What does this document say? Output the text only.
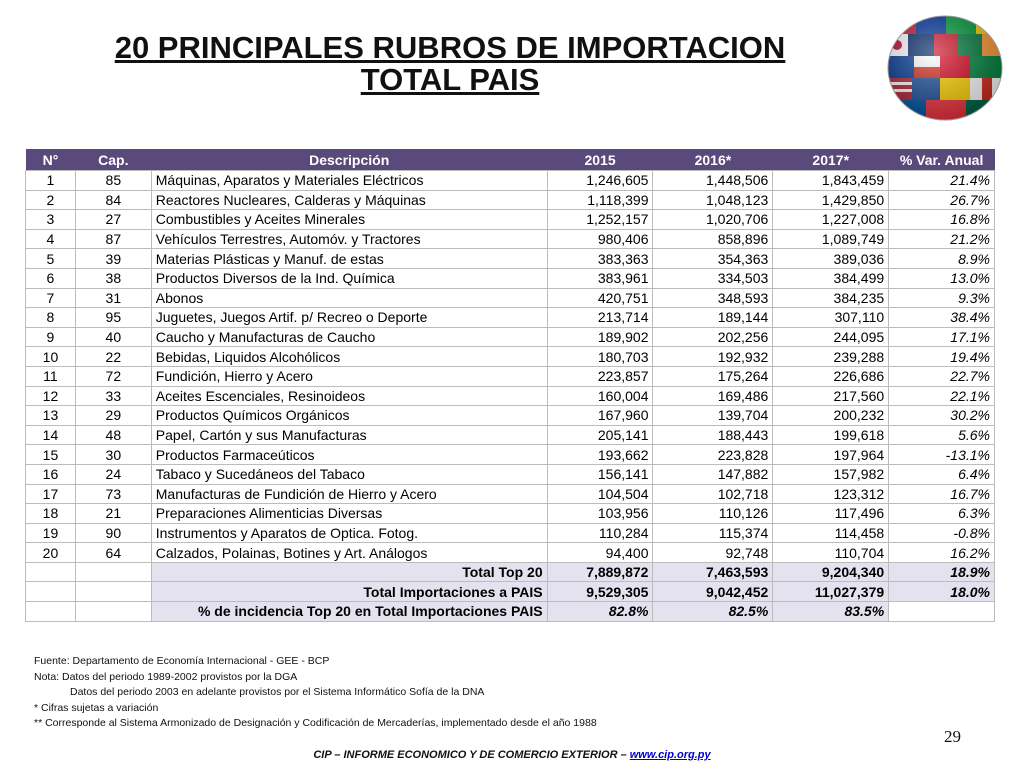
20 PRINCIPALES RUBROS DE IMPORTACION
TOTAL PAIS
N°	Cap.	Descripción	2015	2016*	2017*	% Var. Anual
1	85	Máquinas, Aparatos y Materiales Eléctricos	1,246,605	1,448,506	1,843,459	21.4%
2	84	Reactores Nucleares, Calderas y Máquinas	1,118,399	1,048,123	1,429,850	26.7%
3	27	Combustibles y Aceites Minerales	1,252,157	1,020,706	1,227,008	16.8%
4	87	Vehículos Terrestres, Automóv. y Tractores	980,406	858,896	1,089,749	21.2%
5	39	Materias Plásticas y Manuf. de estas	383,363	354,363	389,036	8.9%
6	38	Productos Diversos de la Ind. Química	383,961	334,503	384,499	13.0%
7	31	Abonos	420,751	348,593	384,235	9.3%
8	95	Juguetes, Juegos Artif. p/ Recreo o Deporte	213,714	189,144	307,110	38.4%
9	40	Caucho y Manufacturas de Caucho	189,902	202,256	244,095	17.1%
10	22	Bebidas, Liquidos Alcohólicos	180,703	192,932	239,288	19.4%
11	72	Fundición, Hierro y Acero	223,857	175,264	226,686	22.7%
12	33	Aceites Escenciales, Resinoideos	160,004	169,486	217,560	22.1%
13	29	Productos Químicos Orgánicos	167,960	139,704	200,232	30.2%
14	48	Papel, Cartón y sus Manufacturas	205,141	188,443	199,618	5.6%
15	30	Productos Farmaceúticos	193,662	223,828	197,964	-13.1%
16	24	Tabaco y Sucedáneos del Tabaco	156,141	147,882	157,982	6.4%
17	73	Manufacturas de Fundición de Hierro y Acero	104,504	102,718	123,312	16.7%
18	21	Preparaciones Alimenticias Diversas	103,956	110,126	117,496	6.3%
19	90	Instrumentos y Aparatos de Optica. Fotog.	110,284	115,374	114,458	-0.8%
20	64	Calzados, Polainas, Botines y Art. Análogos	94,400	92,748	110,704	16.2%
		Total Top 20	7,889,872	7,463,593	9,204,340	18.9%
		Total Importaciones a PAIS	9,529,305	9,042,452	11,027,379	18.0%
		% de incidencia Top 20 en Total Importaciones PAIS	82.8%	82.5%	83.5%	
Fuente: Departamento de Economía Internacional - GEE - BCP
Nota: Datos del periodo 1989-2002 provistos por la DGA
Datos del periodo 2003 en adelante provistos por el Sistema Informático Sofía de la DNA
* Cifras sujetas a variación
** Corresponde al Sistema Armonizado de Designación y Codificación de Mercaderías, implementado desde el año 1988
29
CIP – INFORME ECONOMICO Y DE COMERCIO EXTERIOR – www.cip.org.py
